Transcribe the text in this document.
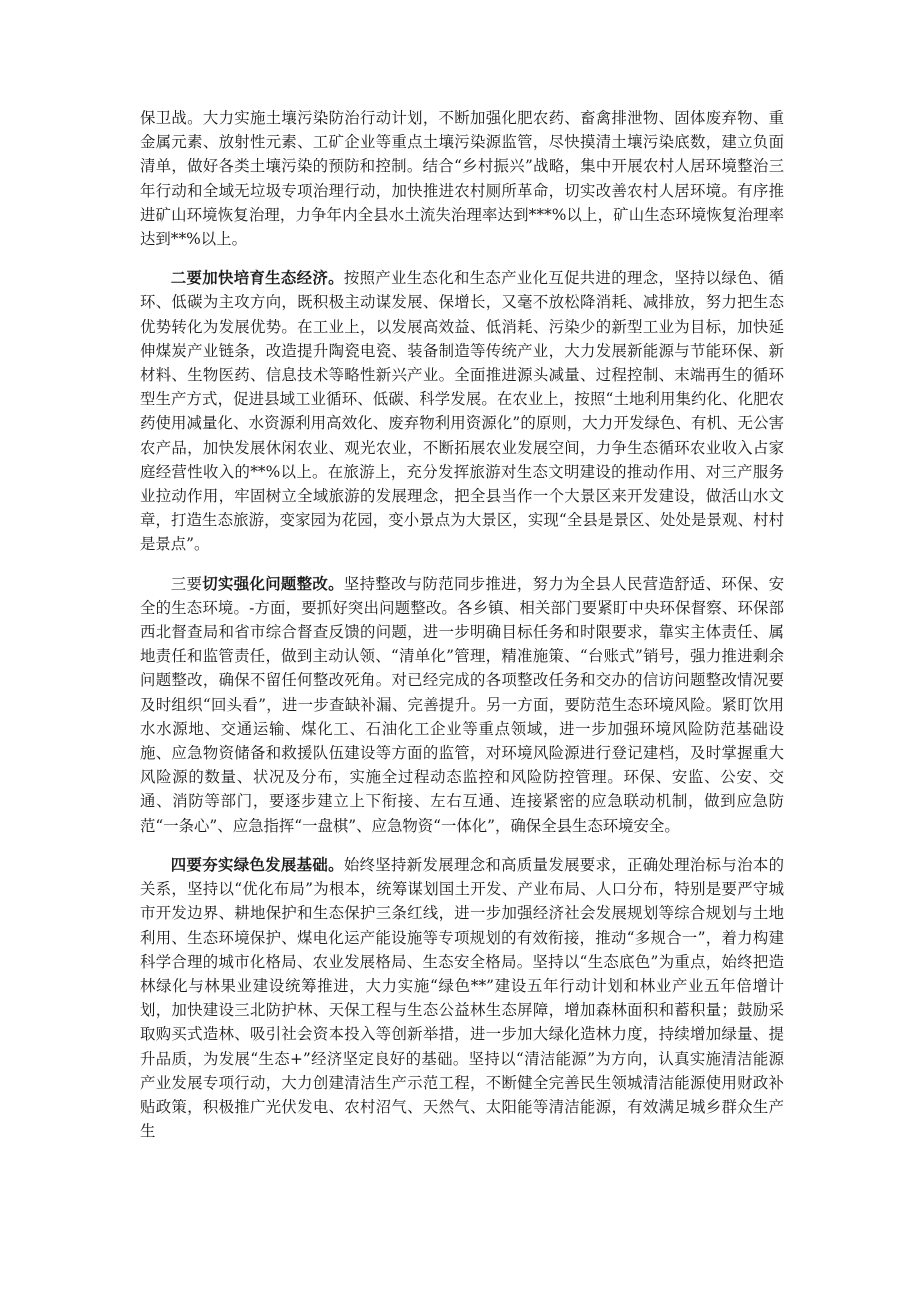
保卫战。大力实施土壤污染防治行动计划，不断加强化肥农药、畜禽排泄物、固体废弃物、重金属元素、放射性元素、工矿企业等重点土壤污染源监管，尽快摸清土壤污染底数，建立负面清单，做好各类土壤污染的预防和控制。结合“乡村振兴”战略，集中开展农村人居环境整治三年行动和全域无垃圾专项治理行动，加快推进农村厕所革命，切实改善农村人居环境。有序推进矿山环境恢复治理，力争年内全县水土流失治理率达到***%以上，矿山生态环境恢复治理率达到**%以上。

二要加快培育生态经济。按照产业生态化和生态产业化互促共进的理念，坚持以绿色、循环、低碳为主攻方向，既积极主动谋发展、保增长，又毫不放松降消耗、减排放，努力把生态优势转化为发展优势。在工业上，以发展高效益、低消耗、污染少的新型工业为目标，加快延伸煤炭产业链条，改造提升陶瓷电瓷、装备制造等传统产业，大力发展新能源与节能环保、新材料、生物医药、信息技术等略性新兴产业。全面推进源头减量、过程控制、末端再生的循环型生产方式，促进县域工业循环、低碳、科学发展。在农业上，按照“土地利用集约化、化肥农药使用减量化、水资源利用高效化、废弃物利用资源化”的原则，大力开发绿色、有机、无公害农产品，加快发展休闲农业、观光农业，不断拓展农业发展空间，力争生态循环农业收入占家庭经营性收入的**%以上。在旅游上，充分发挥旅游对生态文明建设的推动作用、对三产服务业拉动作用，牢固树立全域旅游的发展理念，把全县当作一个大景区来开发建设，做活山水文章，打造生态旅游，变家园为花园，变小景点为大景区，实现“全县是景区、处处是景观、村村是景点”。

三要切实强化问题整改。坚持整改与防范同步推进，努力为全县人民营造舒适、环保、安全的生态环境。-方面，要抓好突出问题整改。各乡镇、相关部门要紧盯中央环保督察、环保部西北督查局和省市综合督查反馈的问题，进一步明确目标任务和时限要求，靠实主体责任、属地责任和监管责任，做到主动认领、“清单化”管理，精准施策、“台账式”销号，强力推进剩余问题整改，确保不留任何整改死角。对已经完成的各项整改任务和交办的信访问题整改情况要及时组织“回头看”，进一步查缺补漏、完善提升。另一方面，要防范生态环境风险。紧盯饮用水水源地、交通运输、煤化工、石油化工企业等重点领域，进一步加强环境风险防范基础设施、应急物资储备和救援队伍建设等方面的监管，对环境风险源进行登记建档，及时掌握重大风险源的数量、状况及分布，实施全过程动态监控和风险防控管理。环保、安监、公安、交通、消防等部门，要逐步建立上下衔接、左右互通、连接紧密的应急联动机制，做到应急防范“一条心”、应急指挥“一盘棋”、应急物资“一体化”，确保全县生态环境安全。

四要夯实绿色发展基础。始终坚持新发展理念和高质量发展要求，正确处理治标与治本的关系，坚持以“优化布局”为根本，统筹谋划国土开发、产业布局、人口分布，特别是要严守城市开发边界、耕地保护和生态保护三条红线，进一步加强经济社会发展规划等综合规划与土地利用、生态环境保护、煤电化运产能设施等专项规划的有效衔接，推动“多规合一”，着力构建科学合理的城市化格局、农业发展格局、生态安全格局。坚持以“生态底色”为重点，始终把造林绿化与林果业建设统筹推进，大力实施“绿色**”建设五年行动计划和林业产业五年倍增计划，加快建设三北防护林、天保工程与生态公益林生态屏障，增加森林面积和蓄积量；鼓励采取购买式造林、吸引社会资本投入等创新举措，进一步加大绿化造林力度，持续增加绿量、提升品质，为发展“生态+”经济坚定良好的基础。坚持以“清洁能源”为方向，认真实施清洁能源产业发展专项行动，大力创建清洁生产示范工程，不断健全完善民生领城清洁能源使用财政补贴政策，积极推广光伏发电、农村沼气、天然气、太阳能等清洁能源，有效满足城乡群众生产生
